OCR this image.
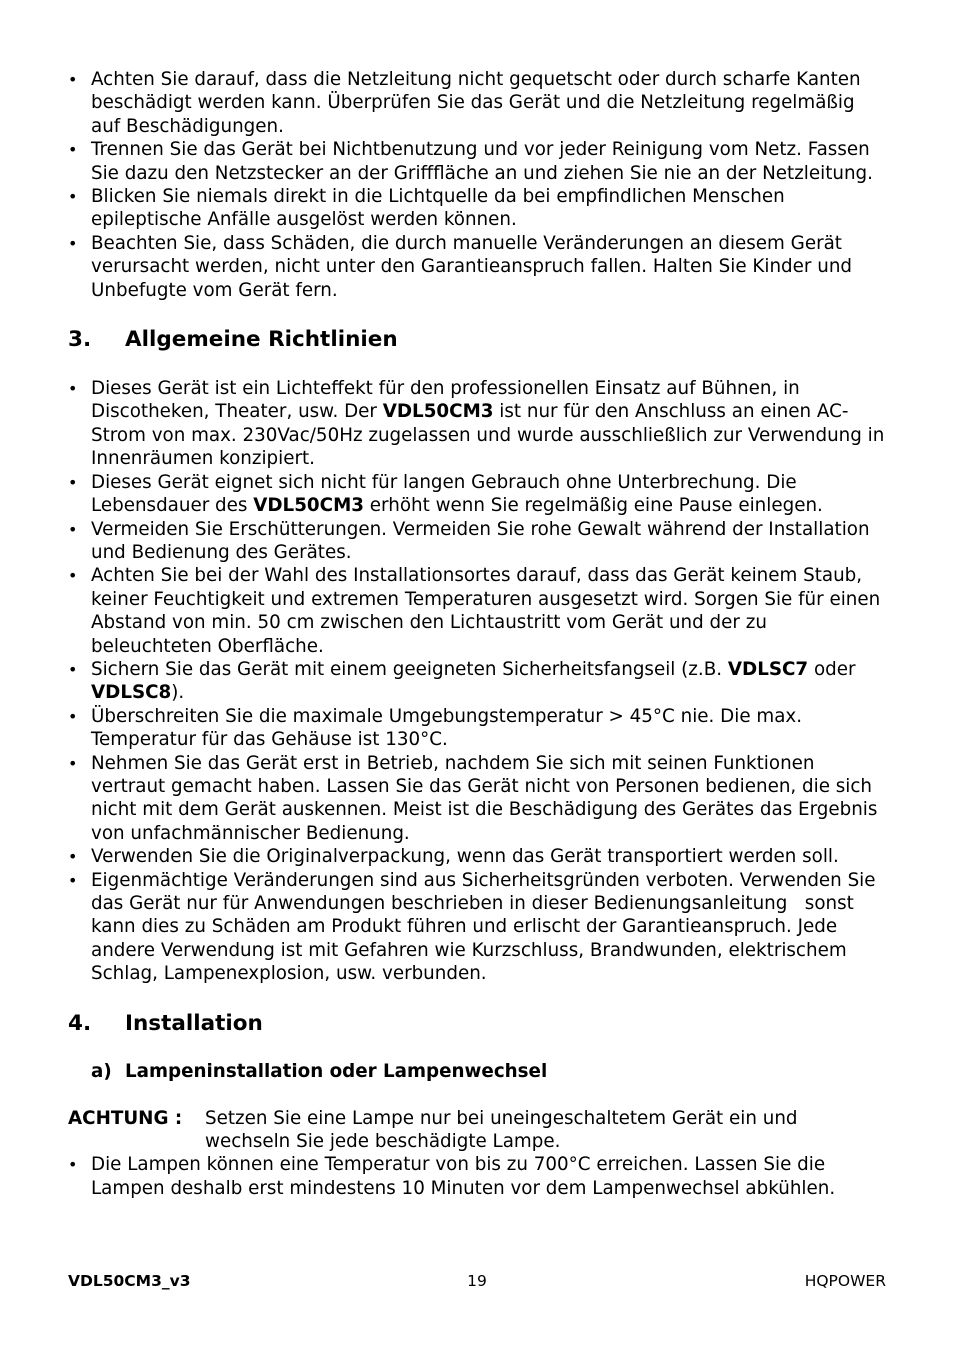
• Achten Sie darauf, dass die Netzleitung nicht gequetscht oder durch scharfe Kanten beschädigt werden kann. Überprüfen Sie das Gerät und die Netzleitung regelmäßig auf Beschädigungen.
• Trennen Sie das Gerät bei Nichtbenutzung und vor jeder Reinigung vom Netz. Fassen Sie dazu den Netzstecker an der Grifffläche an und ziehen Sie nie an der Netzleitung.
• Blicken Sie niemals direkt in die Lichtquelle da bei empfindlichen Menschen epileptische Anfälle ausgelöst werden können.
• Beachten Sie, dass Schäden, die durch manuelle Veränderungen an diesem Gerät verursacht werden, nicht unter den Garantieanspruch fallen. Halten Sie Kinder und Unbefugte vom Gerät fern.
3.	Allgemeine Richtlinien
• Dieses Gerät ist ein Lichteffekt für den professionellen Einsatz auf Bühnen, in Discotheken, Theater, usw. Der VDL50CM3 ist nur für den Anschluss an einen AC-Strom von max. 230Vac/50Hz zugelassen und wurde ausschließlich zur Verwendung in Innenräumen konzipiert.
• Dieses Gerät eignet sich nicht für langen Gebrauch ohne Unterbrechung. Die Lebensdauer des VDL50CM3 erhöht wenn Sie regelmäßig eine Pause einlegen.
• Vermeiden Sie Erschütterungen. Vermeiden Sie rohe Gewalt während der Installation und Bedienung des Gerätes.
• Achten Sie bei der Wahl des Installationsortes darauf, dass das Gerät keinem Staub, keiner Feuchtigkeit und extremen Temperaturen ausgesetzt wird. Sorgen Sie für einen Abstand von min. 50 cm zwischen den Lichtaustritt vom Gerät und der zu beleuchteten Oberfläche.
• Sichern Sie das Gerät mit einem geeigneten Sicherheitsfangseil (z.B. VDLSC7 oder VDLSC8).
• Überschreiten Sie die maximale Umgebungstemperatur > 45°C nie. Die max. Temperatur für das Gehäuse ist 130°C.
• Nehmen Sie das Gerät erst in Betrieb, nachdem Sie sich mit seinen Funktionen vertraut gemacht haben. Lassen Sie das Gerät nicht von Personen bedienen, die sich nicht mit dem Gerät auskennen. Meist ist die Beschädigung des Gerätes das Ergebnis von unfachmännischer Bedienung.
• Verwenden Sie die Originalverpackung, wenn das Gerät transportiert werden soll.
• Eigenmächtige Veränderungen sind aus Sicherheitsgründen verboten. Verwenden Sie das Gerät nur für Anwendungen beschrieben in dieser Bedienungsanleitung   sonst kann dies zu Schäden am Produkt führen und erlischt der Garantieanspruch. Jede andere Verwendung ist mit Gefahren wie Kurzschluss, Brandwunden, elektrischem Schlag, Lampenexplosion, usw. verbunden.
4.	Installation
a) Lampeninstallation oder Lampenwechsel
ACHTUNG :	Setzen Sie eine Lampe nur bei uneingeschaltetem Gerät ein und wechseln Sie jede beschädigte Lampe.
• Die Lampen können eine Temperatur von bis zu 700°C erreichen. Lassen Sie die Lampen deshalb erst mindestens 10 Minuten vor dem Lampenwechsel abkühlen.
VDL50CM3_v3	19	HQPOWER
